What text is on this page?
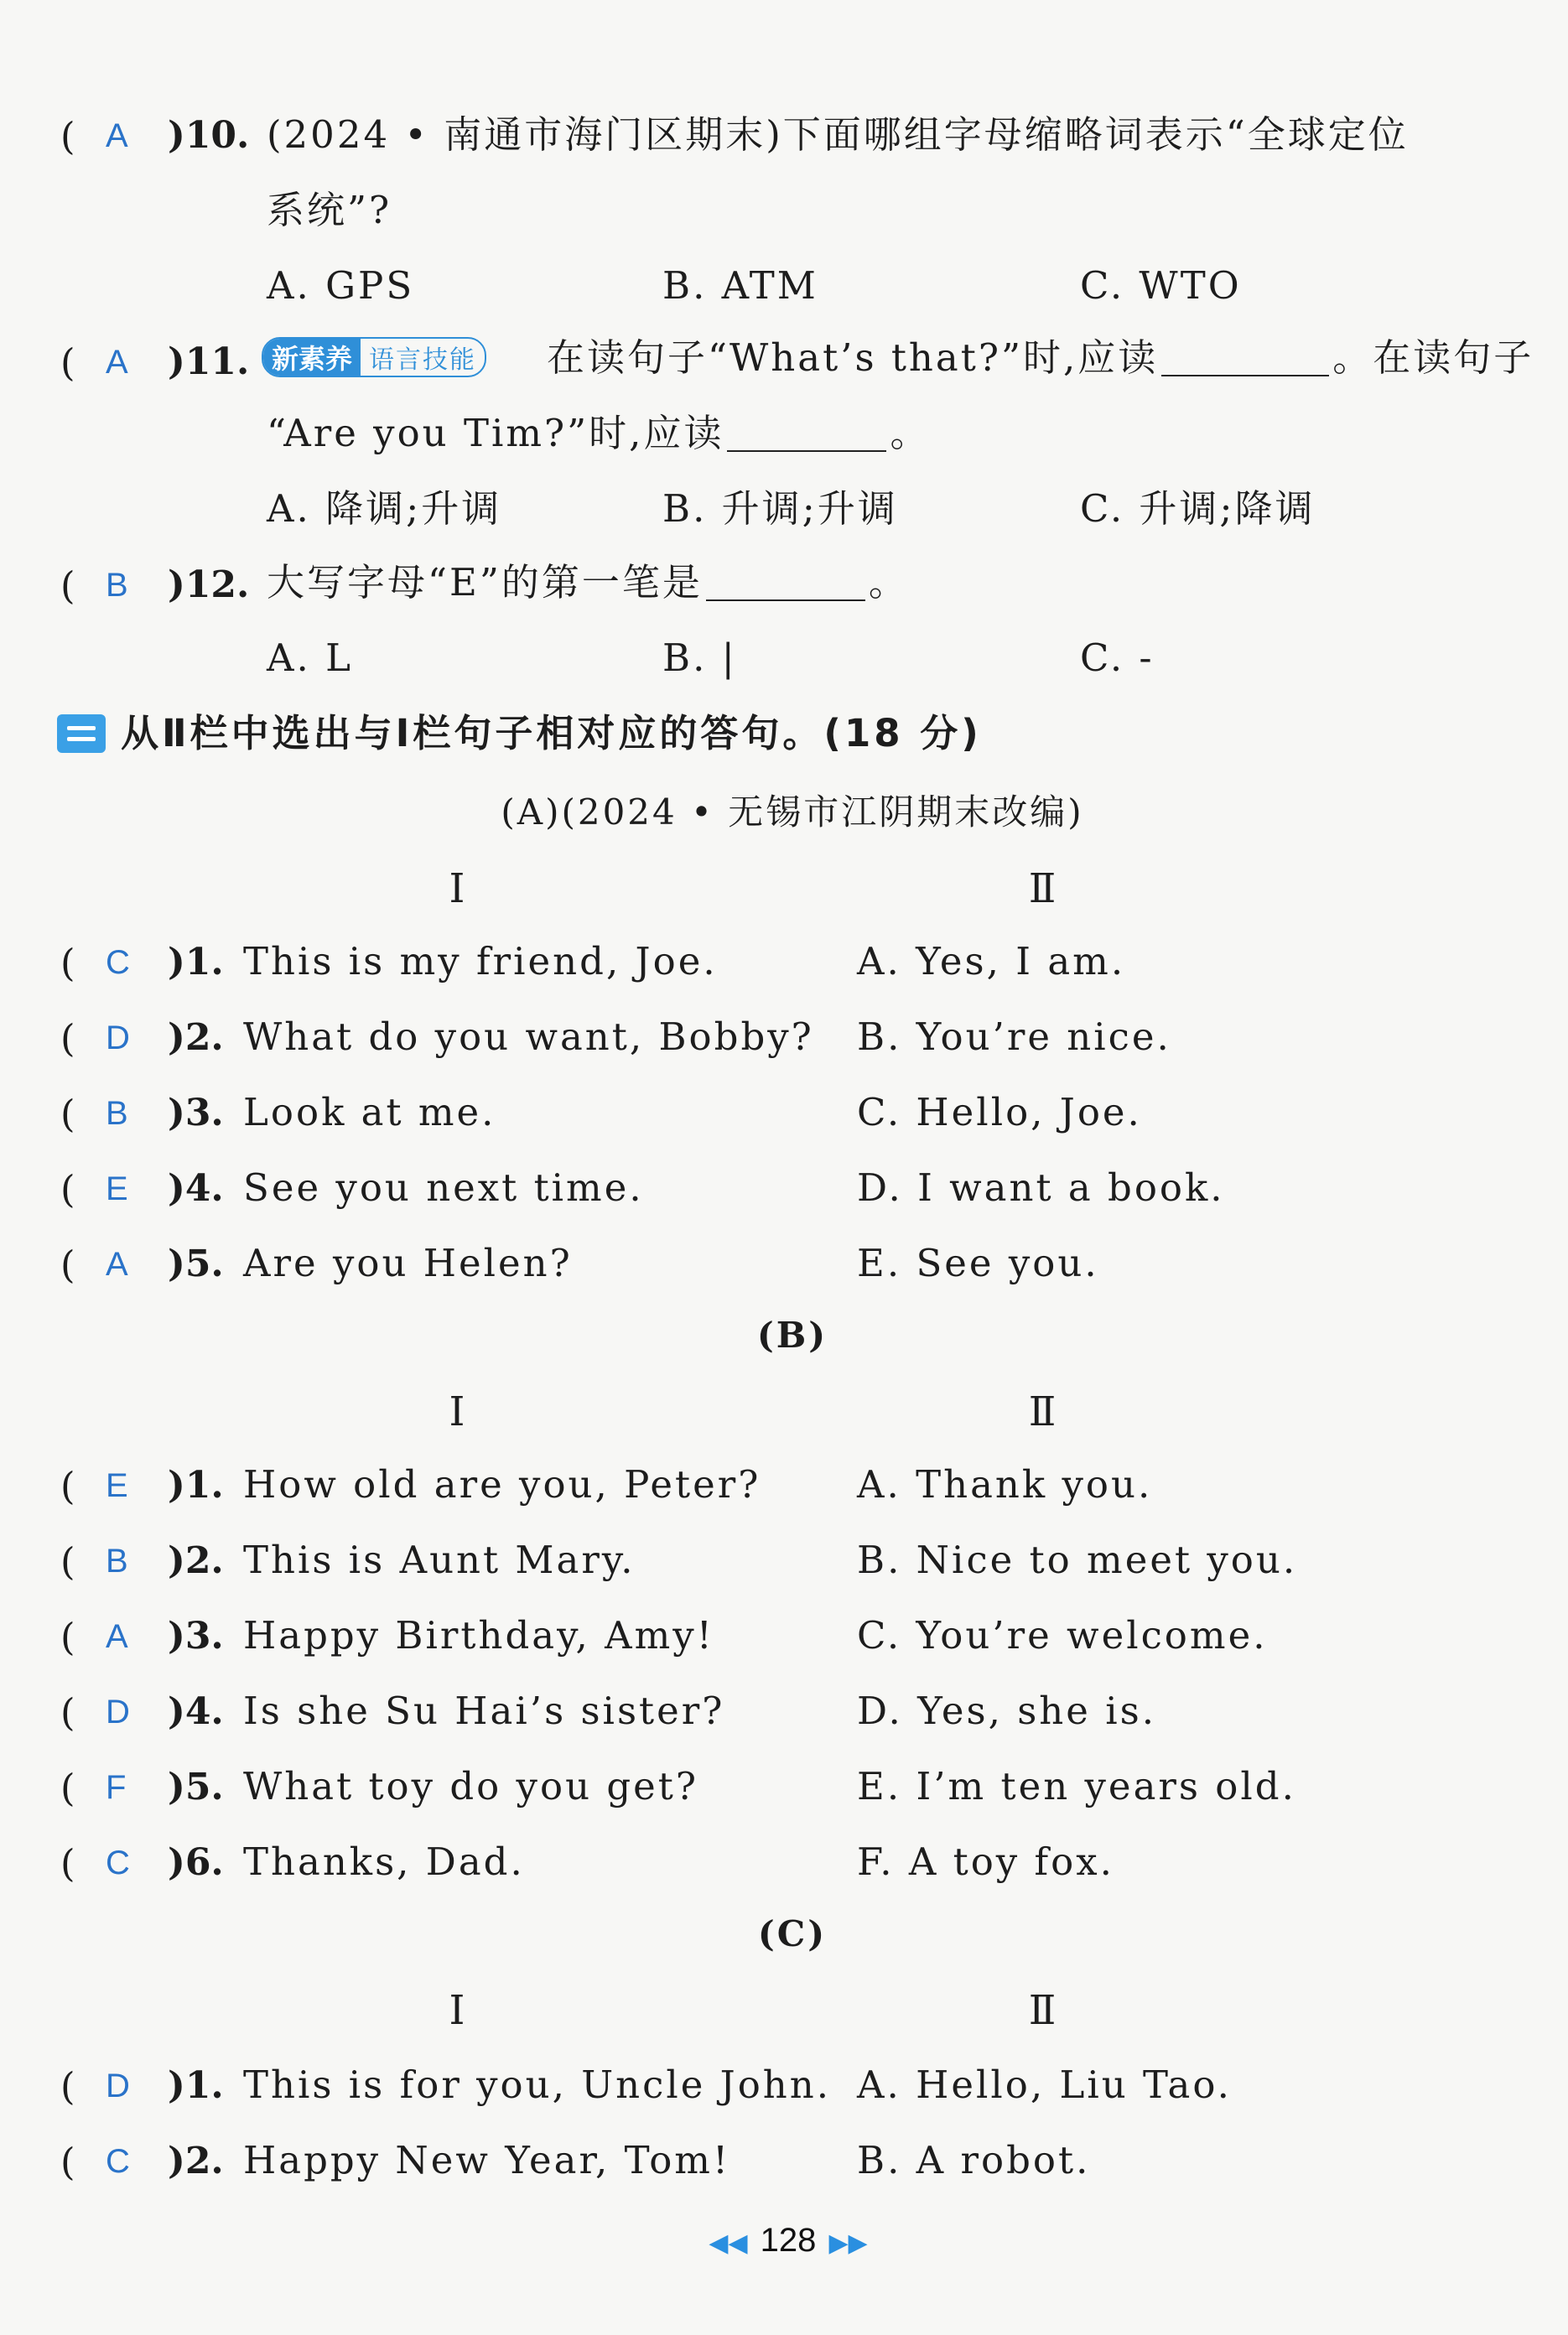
( A )10. (2024 • 南通市海门区期末)下面哪组字母缩略词表示“全球定位
系统”?
A. GPS	B. ATM	C. WTO
( A )11. 新素养 语言技能 在读句子“What’s that?”时,应读	。在读句子
“Are you Tim?”时,应读	。
A. 降调;升调	B. 升调;升调	C. 升调;降调
( B )12. 大写字母“E”的第一笔是	。
A. L	B. |	C. -
从Ⅱ栏中选出与Ⅰ栏句子相对应的答句。(18 分)
(A)(2024 • 无锡市江阴期末改编)
Ⅰ	Ⅱ
( C )1. This is my friend, Joe.	A. Yes, I am.
( D )2. What do you want, Bobby? B. You’re nice.
( B )3. Look at me.	C. Hello, Joe.
( E )4. See you next time.	D. I want a book.
( A )5. Are you Helen?	E. See you.
(B)
Ⅰ	Ⅱ
( E )1. How old are you, Peter?	A. Thank you.
( B )2. This is Aunt Mary.	B. Nice to meet you.
( A )3. Happy Birthday, Amy!	C. You’re welcome.
( D )4. Is she Su Hai’s sister?	D. Yes, she is.
( F )5. What toy do you get?	E. I’m ten years old.
( C )6. Thanks, Dad.	F. A toy fox.
(C)
Ⅰ	Ⅱ
( D )1. This is for you, Uncle John. A. Hello, Liu Tao.
( C )2. Happy New Year, Tom!	B. A robot.
◀◀ 128 ▶▶
